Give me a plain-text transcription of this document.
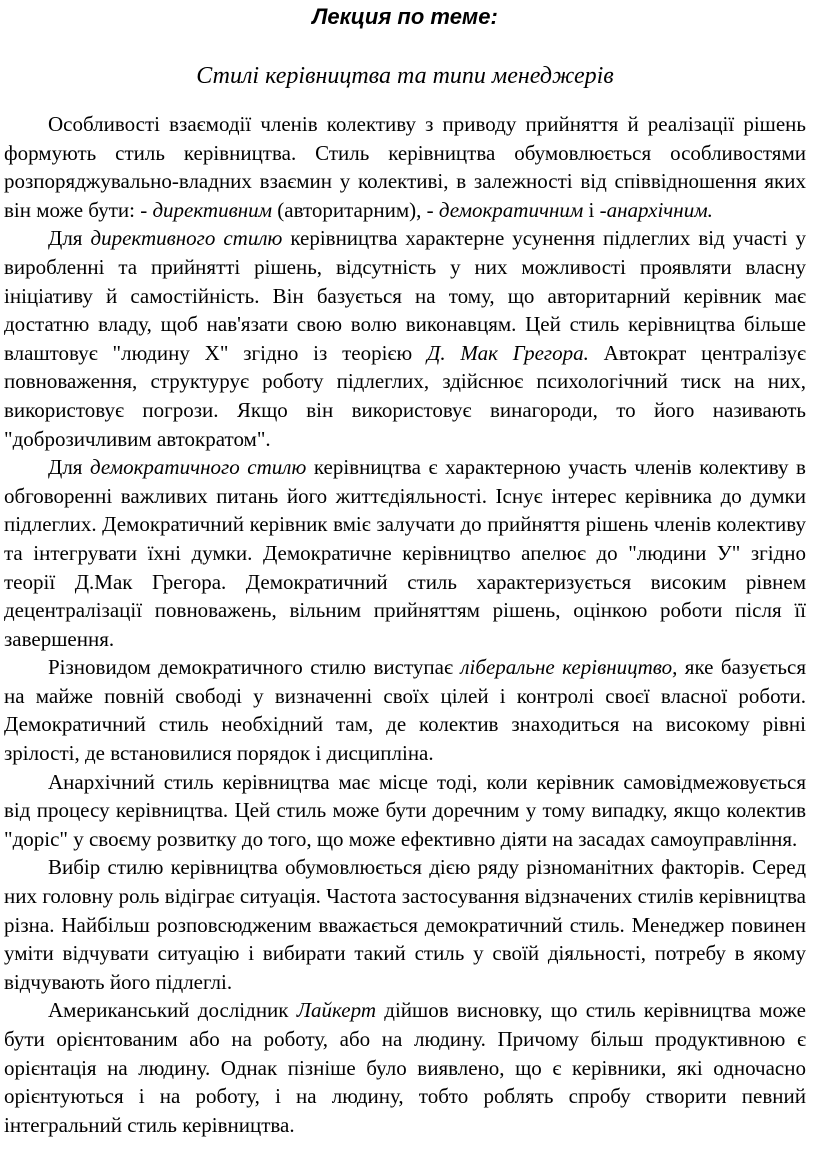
Лекция по теме:
Стилі керівництва та типи менеджерів

Особливості взаємодії членів колективу з приводу прийняття й реалізації рішень формують стиль керівництва. Стиль керівництва обумовлюється особливостями розпоряджувально-владних взаємин у колективі, в залежності від співвідношення яких він може бути: - директивним (авторитарним), - демократичним і -анархічним.

Для директивного стилю керівництва характерне усунення підлеглих від участі у виробленні та прийнятті рішень, відсутність у них можливості проявляти власну ініціативу й самостійність. Він базується на тому, що авторитарний керівник має достатню владу, щоб нав'язати свою волю виконавцям. Цей стиль керівництва більше влаштовує "людину X" згідно із теорією Д. Мак Грегора. Автократ централізує повноваження, структурує роботу підлеглих, здійснює психологічний тиск на них, використовує погрози. Якщо він використовує винагороди, то його називають "доброзичливим автократом".

Для демократичного стилю керівництва є характерною участь членів колективу в обговоренні важливих питань його життєдіяльності. Існує інтерес керівника до думки підлеглих. Демократичний керівник вміє залучати до прийняття рішень членів колективу та інтегрувати їхні думки. Демократичне керівництво апелює до "людини У" згідно теорії Д.Мак Грегора. Демократичний стиль характеризується високим рівнем децентралізації повноважень, вільним прийняттям рішень, оцінкою роботи після її завершення.

Різновидом демократичного стилю виступає ліберальне керівництво, яке базується на майже повній свободі у визначенні своїх цілей і контролі своєї власної роботи. Демократичний стиль необхідний там, де колектив знаходиться на високому рівні зрілості, де встановилися порядок і дисципліна.

Анархічний стиль керівництва має місце тоді, коли керівник самовідмежовується від процесу керівництва. Цей стиль може бути доречним у тому випадку, якщо колектив "доріс" у своєму розвитку до того, що може ефективно діяти на засадах самоуправління.

Вибір стилю керівництва обумовлюється дією ряду різноманітних факторів. Серед них головну роль відіграє ситуація. Частота застосування відзначених стилів керівництва різна. Найбільш розповсюдженим вважається демократичний стиль. Менеджер повинен уміти відчувати ситуацію і вибирати такий стиль у своїй діяльності, потребу в якому відчувають його підлеглі.

Американський дослідник Лайкерт дійшов висновку, що стиль керівництва може бути орієнтованим або на роботу, або на людину. Причому більш продуктивною є орієнтація на людину. Однак пізніше було виявлено, що є керівники, які одночасно орієнтуються і на роботу, і на людину, тобто роблять спробу створити певний інтегральний стиль керівництва.
